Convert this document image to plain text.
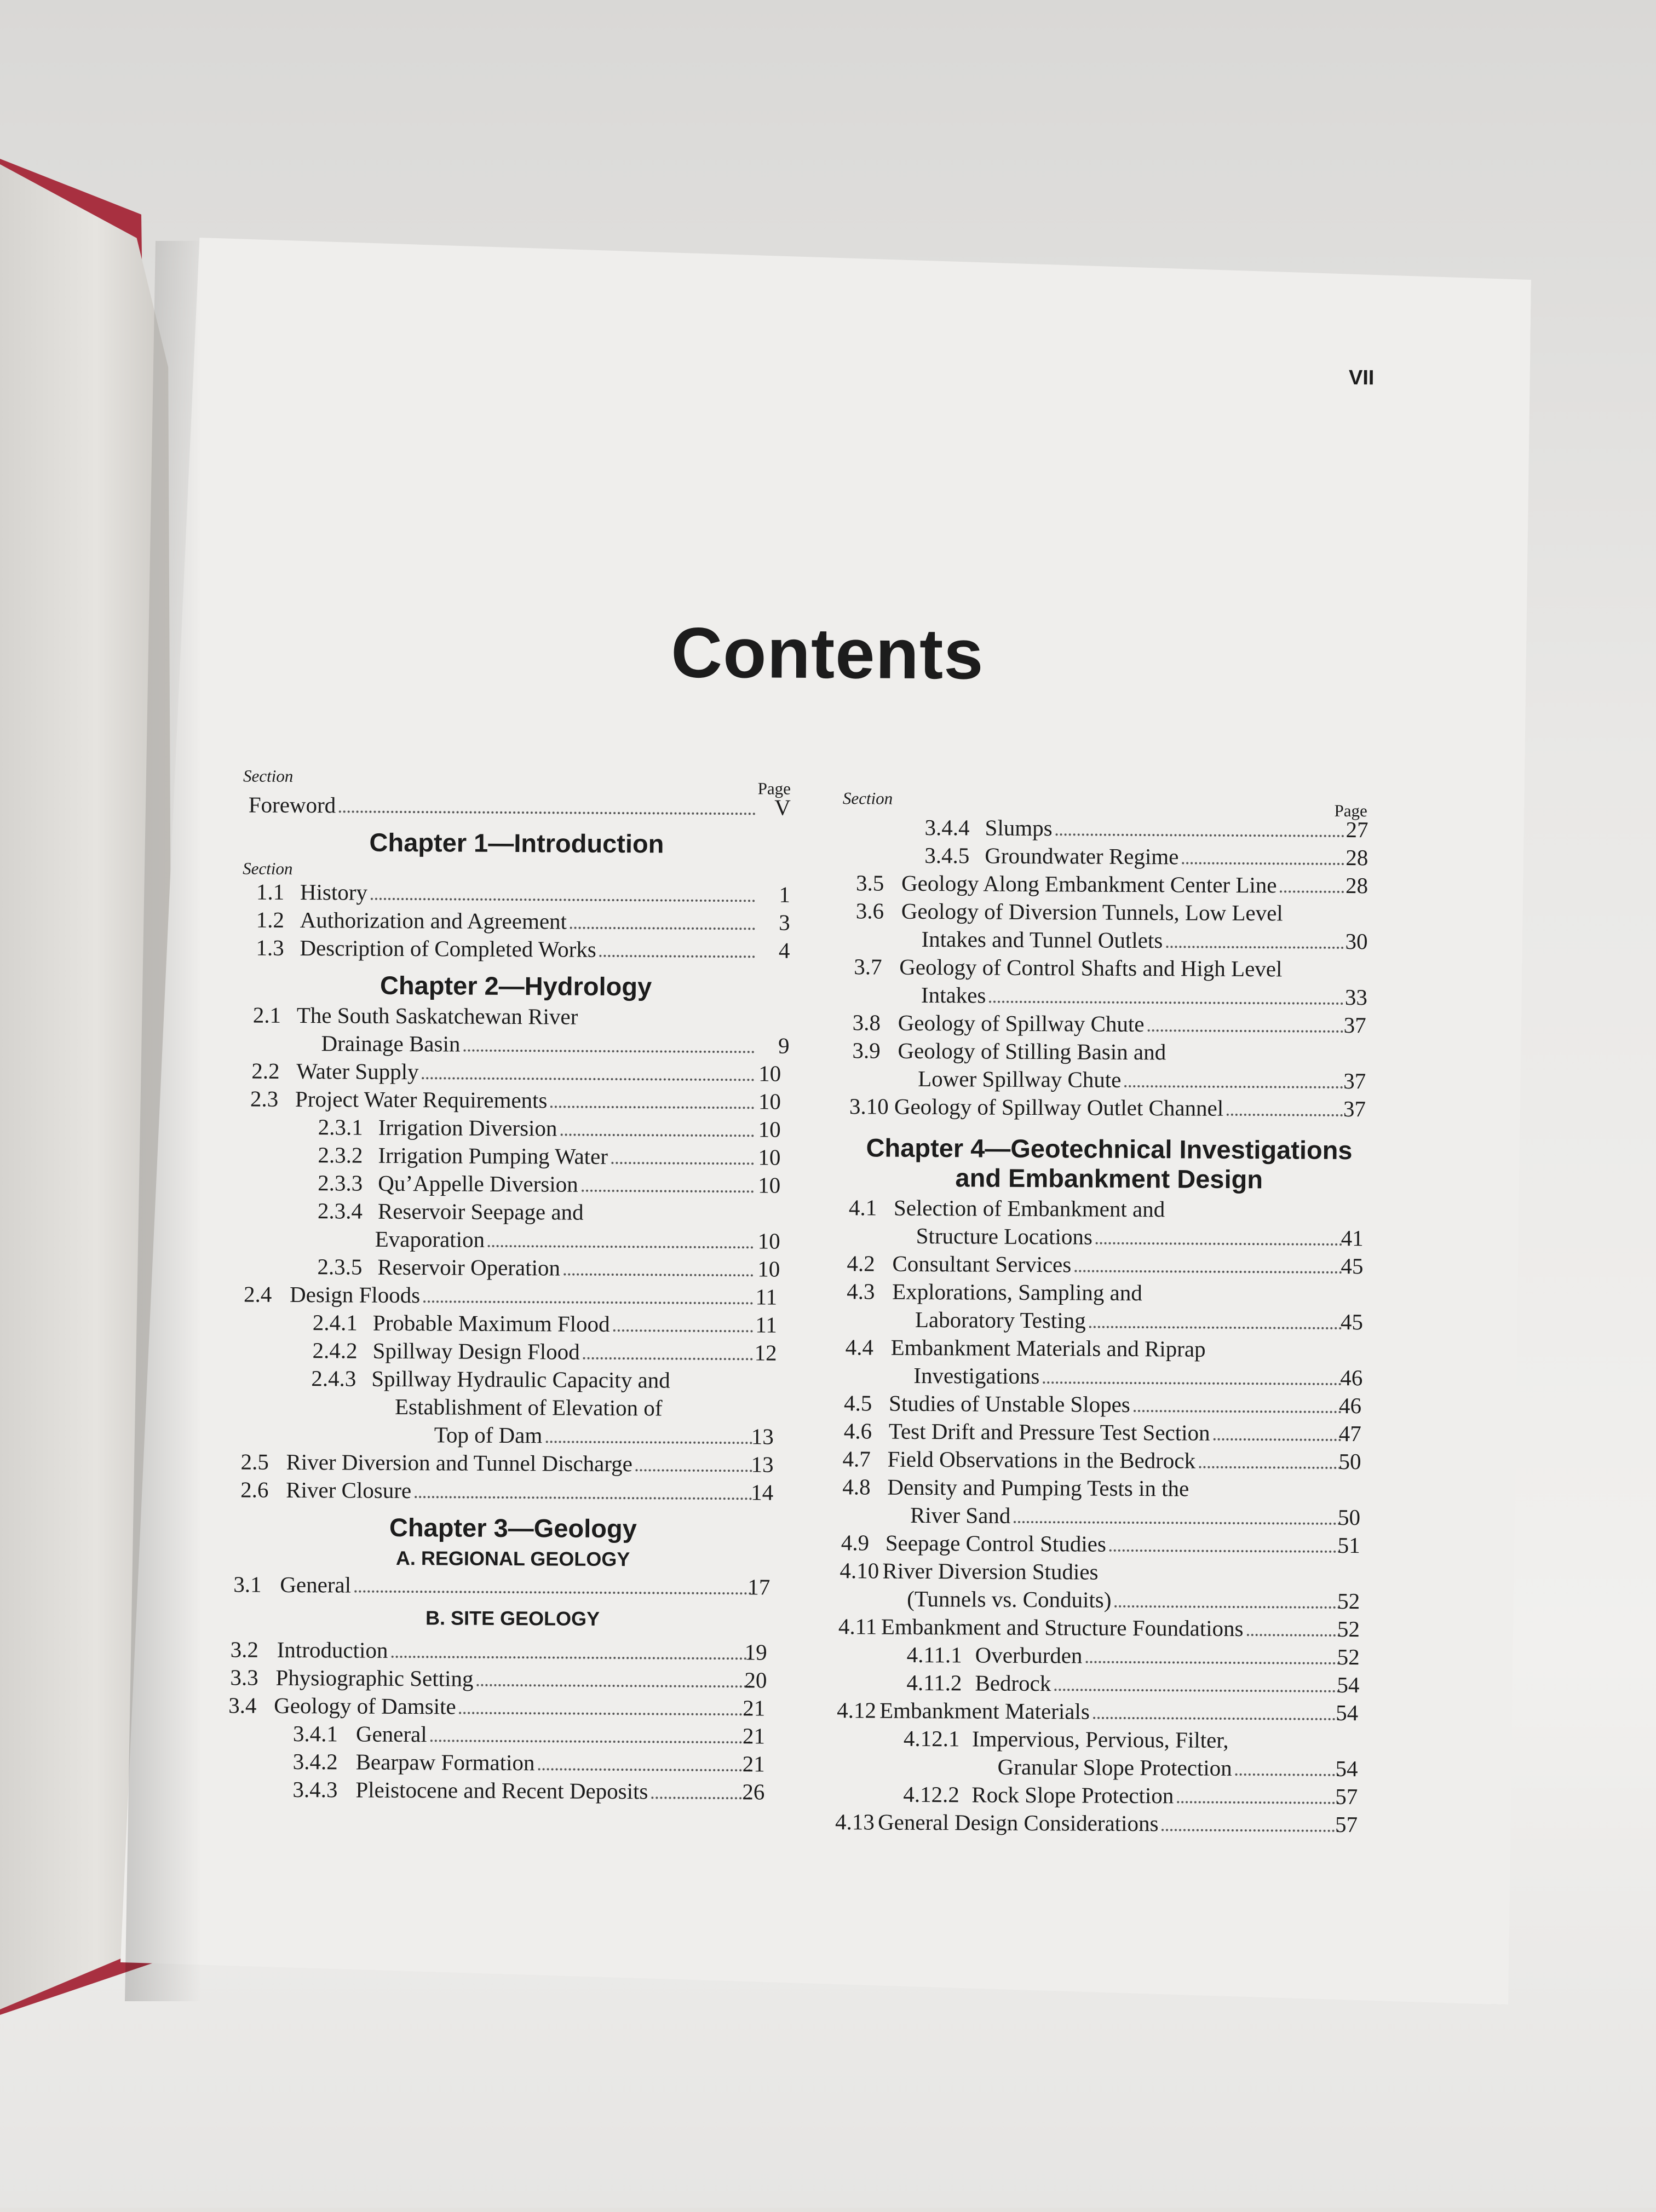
VII
Contents
Section
Page
Foreword	V
Chapter 1—Introduction
Section
1.1 History	1
1.2 Authorization and Agreement	3
1.3 Description of Completed Works	4
Chapter 2—Hydrology
2.1 The South Saskatchewan River
Drainage Basin	9
2.2 Water Supply	10
2.3 Project Water Requirements	10
2.3.1 Irrigation Diversion	10
2.3.2 Irrigation Pumping Water	10
2.3.3 Qu’Appelle Diversion	10
2.3.4 Reservoir Seepage and
Evaporation	10
2.3.5 Reservoir Operation	10
2.4 Design Floods	11
2.4.1 Probable Maximum Flood	11
2.4.2 Spillway Design Flood	12
2.4.3 Spillway Hydraulic Capacity and
Establishment of Elevation of
Top of Dam	13
2.5 River Diversion and Tunnel Discharge	13
2.6 River Closure	14
Chapter 3—Geology
A. REGIONAL GEOLOGY
3.1 General	17
B. SITE GEOLOGY
3.2 Introduction	19
3.3 Physiographic Setting	20
3.4 Geology of Damsite	21
3.4.1 General	21
3.4.2 Bearpaw Formation	21
3.4.3 Pleistocene and Recent Deposits	26
Section
Page
3.4.4 Slumps	27
3.4.5 Groundwater Regime	28
3.5 Geology Along Embankment Center Line	28
3.6 Geology of Diversion Tunnels, Low Level
Intakes and Tunnel Outlets	30
3.7 Geology of Control Shafts and High Level
Intakes	33
3.8 Geology of Spillway Chute	37
3.9 Geology of Stilling Basin and
Lower Spillway Chute	37
3.10 Geology of Spillway Outlet Channel	37
Chapter 4—Geotechnical Investigations
and Embankment Design
4.1 Selection of Embankment and
Structure Locations	41
4.2 Consultant Services	45
4.3 Explorations, Sampling and
Laboratory Testing	45
4.4 Embankment Materials and Riprap
Investigations	46
4.5 Studies of Unstable Slopes	46
4.6 Test Drift and Pressure Test Section	47
4.7 Field Observations in the Bedrock	50
4.8 Density and Pumping Tests in the
River Sand	50
4.9 Seepage Control Studies	51
4.10 River Diversion Studies
(Tunnels vs. Conduits)	52
4.11 Embankment and Structure Foundations	52
4.11.1 Overburden	52
4.11.2 Bedrock	54
4.12 Embankment Materials	54
4.12.1 Impervious, Pervious, Filter,
Granular Slope Protection	54
4.12.2 Rock Slope Protection	57
4.13 General Design Considerations	57
